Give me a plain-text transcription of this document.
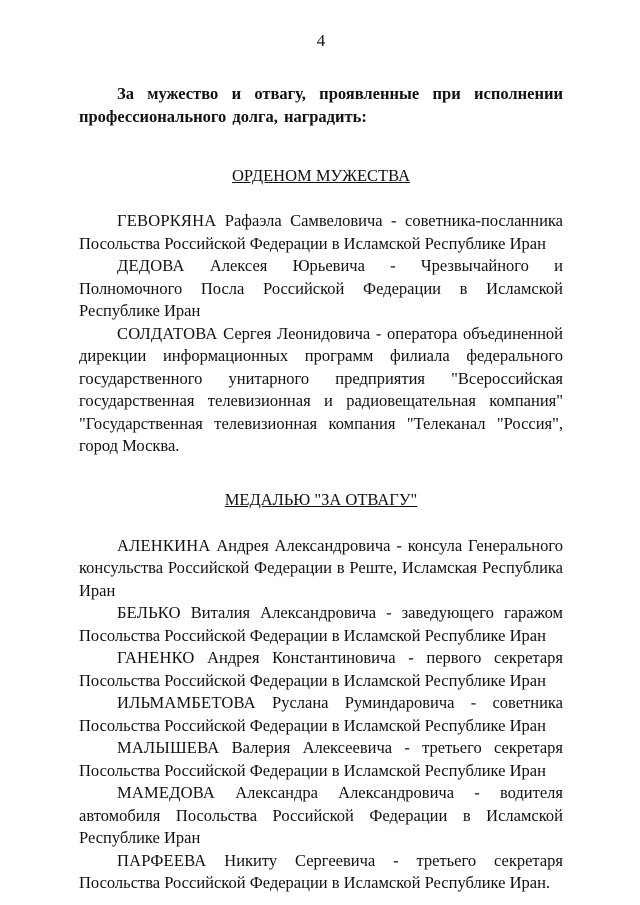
4

За мужество и отвагу, проявленные при исполнении профессионального долга, наградить:

ОРДЕНОМ МУЖЕСТВА

ГЕВОРКЯНА Рафаэла Самвеловича - советника-посланника Посольства Российской Федерации в Исламской Республике Иран

ДЕДОВА Алексея Юрьевича - Чрезвычайного и Полномочного Посла Российской Федерации в Исламской Республике Иран

СОЛДАТОВА Сергея Леонидовича - оператора объединенной дирекции информационных программ филиала федерального государственного унитарного предприятия "Всероссийская государственная телевизионная и радиовещательная компания" "Государственная телевизионная компания "Телеканал "Россия", город Москва.

МЕДАЛЬЮ "ЗА ОТВАГУ"

АЛЕНКИНА Андрея Александровича - консула Генерального консульства Российской Федерации в Реште, Исламская Республика Иран

БЕЛЬКО Виталия Александровича - заведующего гаражом Посольства Российской Федерации в Исламской Республике Иран

ГАНЕНКО Андрея Константиновича - первого секретаря Посольства Российской Федерации в Исламской Республике Иран

ИЛЬМАМБЕТОВА Руслана Руминдаровича - советника Посольства Российской Федерации в Исламской Республике Иран

МАЛЫШЕВА Валерия Алексеевича - третьего секретаря Посольства Российской Федерации в Исламской Республике Иран

МАМЕДОВА Александра Александровича - водителя автомобиля Посольства Российской Федерации в Исламской Республике Иран

ПАРФЕЕВА Никиту Сергеевича - третьего секретаря Посольства Российской Федерации в Исламской Республике Иран.
